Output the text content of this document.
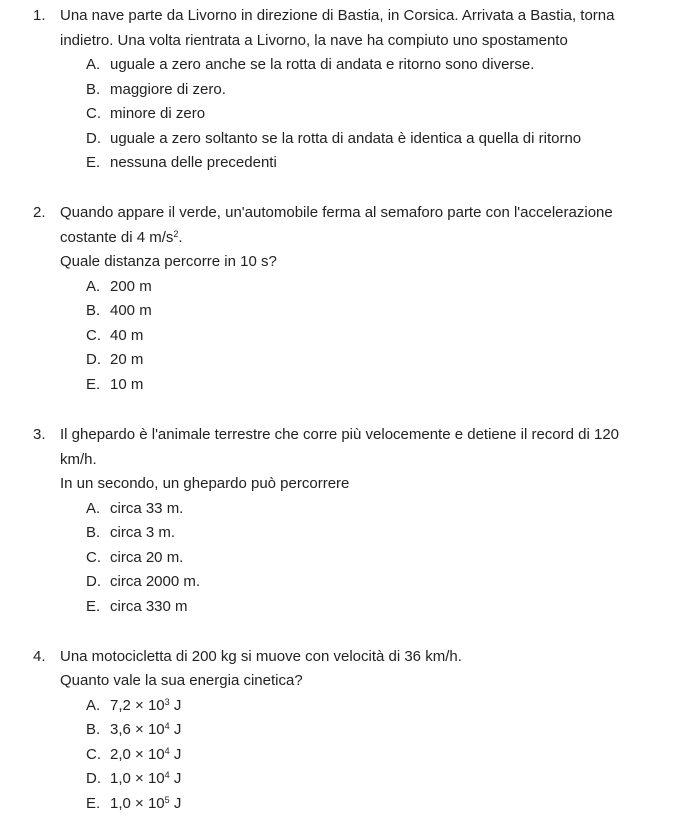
1. Una nave parte da Livorno in direzione di Bastia, in Corsica. Arrivata a Bastia, torna
indietro. Una volta rientrata a Livorno, la nave ha compiuto uno spostamento
A. uguale a zero anche se la rotta di andata e ritorno sono diverse.
B. maggiore di zero.
C. minore di zero
D. uguale a zero soltanto se la rotta di andata è identica a quella di ritorno
E. nessuna delle precedenti
2. Quando appare il verde, un'automobile ferma al semaforo parte con l'accelerazione
costante di 4 $m/s^2$.
Quale distanza percorre in 10 s?
A. 200 m
B. 400 m
C. 40 m
D. 20 m
E. 10 m
3. Il ghepardo è l'animale terrestre che corre più velocemente e detiene il record di 120
km/h.
In un secondo, un ghepardo può percorrere
A. circa 33 m.
B. circa 3 m.
C. circa 20 m.
D. circa 2000 m.
E. circa 330 m
4. Una motocicletta di 200 kg si muove con velocità di 36 km/h.
Quanto vale la sua energia cinetica?
A. $7,2 \times 10^3$ J
B. $3,6 \times 10^4$ J
C. $2,0 \times 10^4$ J
D. $1,0 \times 10^4$ J
E. $1,0 \times 10^5$ J
